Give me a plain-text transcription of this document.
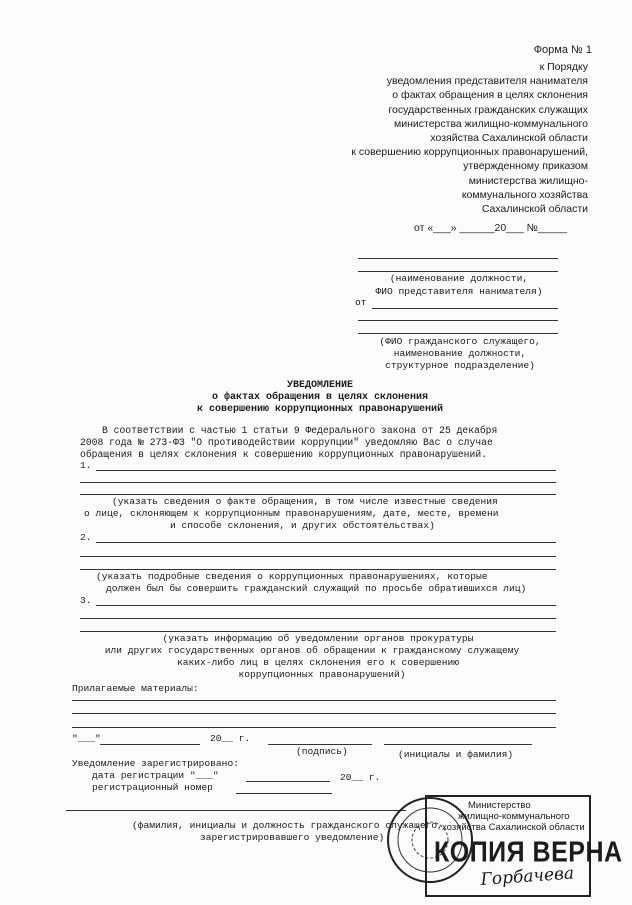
Форма № 1
к Порядку
уведомления представителя нанимателя
о фактах обращения в целях склонения
государственных гражданских служащих
министерства жилищно-коммунального
хозяйства Сахалинской области
к совершению коррупционных правонарушений,
утвержденному приказом
министерства жилищно-
коммунального хозяйства
Сахалинской области
от «___» ______20___ №_____
(наименование должности,
ФИО представителя нанимателя)
от
(ФИО гражданского служащего,
наименование должности,
структурное подразделение)
УВЕДОМЛЕНИЕ
о фактах обращения в целях склонения
к совершению коррупционных правонарушений
В соответствии с частью 1 статьи 9 Федерального закона от 25 декабря
2008 года № 273-ФЗ "О противодействии коррупции" уведомляю Вас о случае
обращения в целях склонения к совершению коррупционных правонарушений.
1.
(указать сведения о факте обращения, в том числе известные сведения
о лице, склоняющем к коррупционным правонарушениям, дате, месте, времени
и способе склонения, и других обстоятельствах)
2.
(указать подробные сведения о коррупционных правонарушениях, которые
должен был бы совершить гражданский служащий по просьбе обратившихся лиц)
3.
(указать информацию об уведомлении органов прокуратуры
или других государственных органов об обращении к гражданскому служащему
каких-либо лиц в целях склонения его к совершению
коррупционных правонарушений)
Прилагаемые материалы:
"___"	20__ г.
(подпись)	(инициалы и фамилия)
Уведомление зарегистрировано:
дата регистрации "___"	20__ г.
регистрационный номер
(фамилия, инициалы и должность гражданского служащего,
зарегистрировавшего уведомление)
Министерство
жилищно-коммунального
хозяйства Сахалинской области
КОПИЯ ВЕРНА
Горбачева
